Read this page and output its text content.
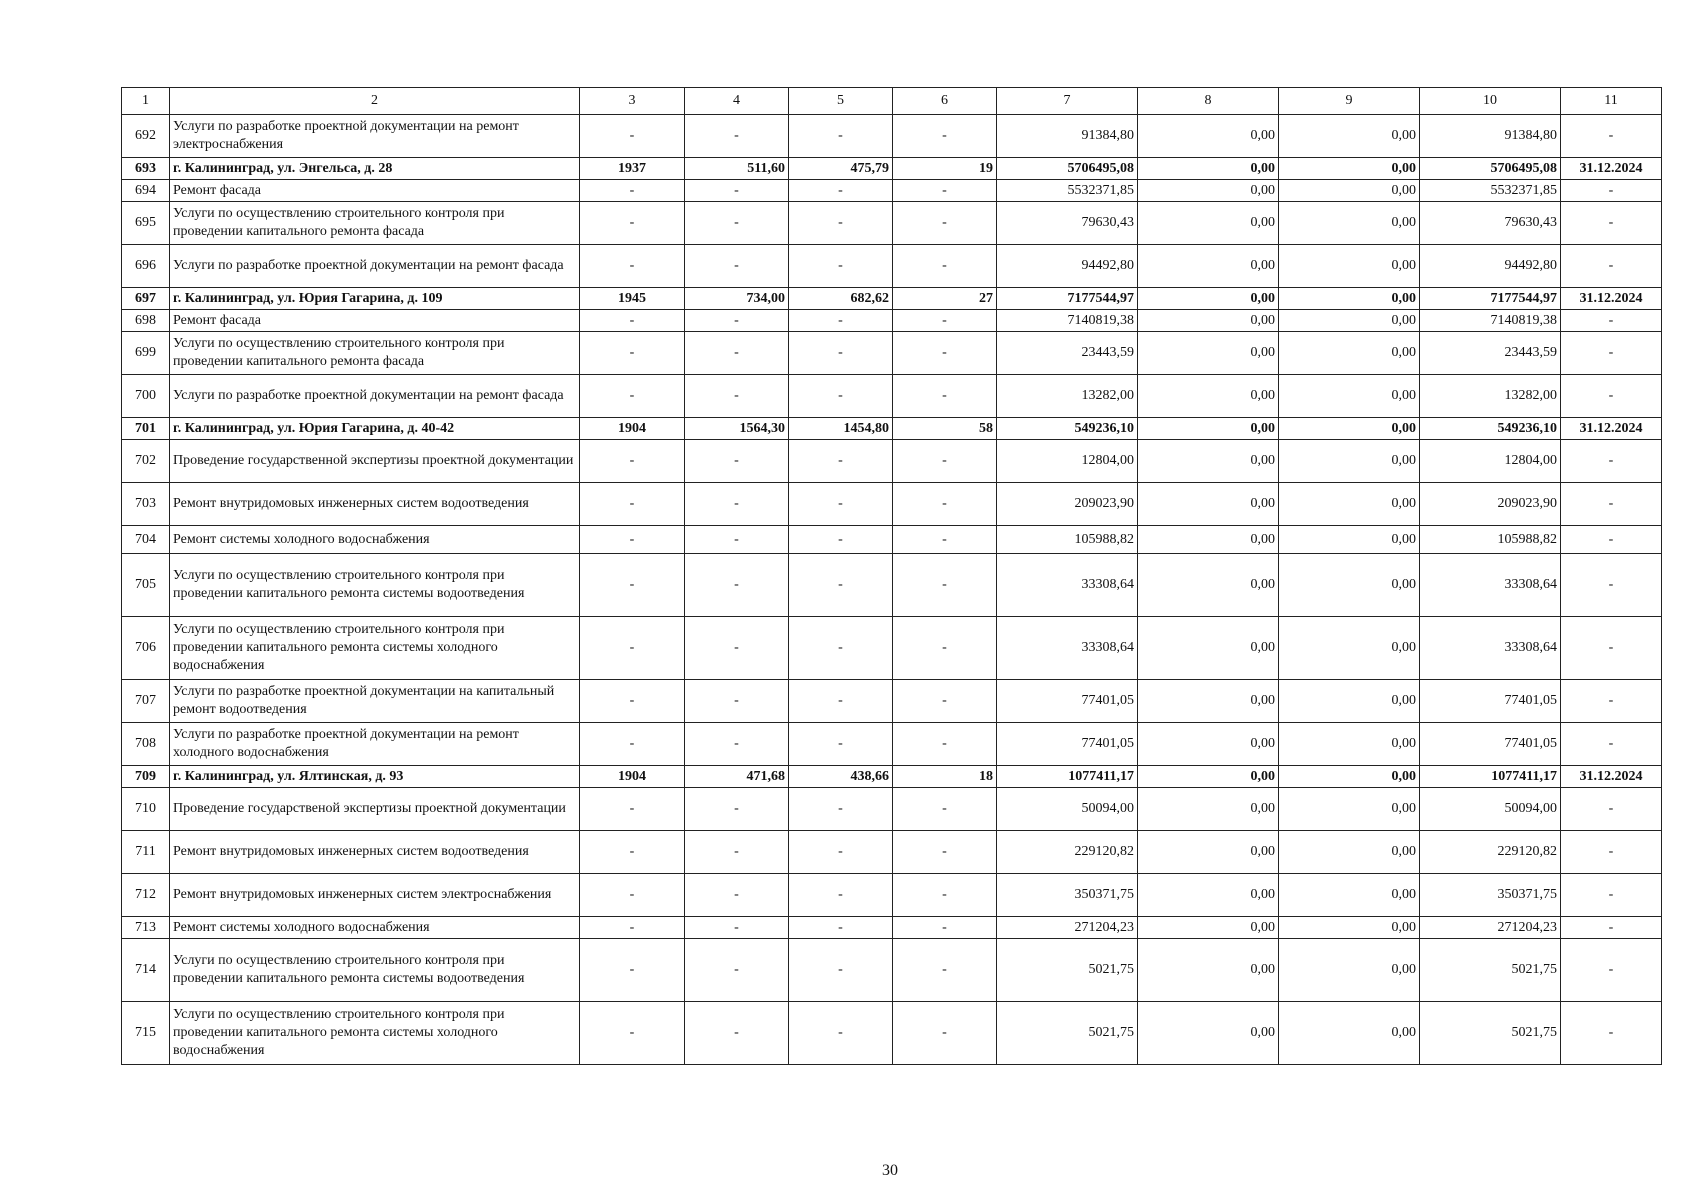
1	2	3	4	5	6	7	8	9	10	11
692	Услуги по разработке проектной документации на ремонт электроснабжения	-	-	-	-	91384,80	0,00	0,00	91384,80	-
693	г. Калининград, ул. Энгельса, д. 28	1937	511,60	475,79	19	5706495,08	0,00	0,00	5706495,08	31.12.2024
694	Ремонт фасада	-	-	-	-	5532371,85	0,00	0,00	5532371,85	-
695	Услуги по осуществлению строительного контроля при проведении капитального ремонта фасада	-	-	-	-	79630,43	0,00	0,00	79630,43	-
696	Услуги по разработке проектной документации на ремонт фасада	-	-	-	-	94492,80	0,00	0,00	94492,80	-
697	г. Калининград, ул. Юрия Гагарина, д. 109	1945	734,00	682,62	27	7177544,97	0,00	0,00	7177544,97	31.12.2024
698	Ремонт фасада	-	-	-	-	7140819,38	0,00	0,00	7140819,38	-
699	Услуги по осуществлению строительного контроля при проведении капитального ремонта фасада	-	-	-	-	23443,59	0,00	0,00	23443,59	-
700	Услуги по разработке проектной документации на ремонт фасада	-	-	-	-	13282,00	0,00	0,00	13282,00	-
701	г. Калининград, ул. Юрия Гагарина, д. 40-42	1904	1564,30	1454,80	58	549236,10	0,00	0,00	549236,10	31.12.2024
702	Проведение государственной экспертизы проектной документации	-	-	-	-	12804,00	0,00	0,00	12804,00	-
703	Ремонт внутридомовых инженерных систем водоотведения	-	-	-	-	209023,90	0,00	0,00	209023,90	-
704	Ремонт системы холодного водоснабжения	-	-	-	-	105988,82	0,00	0,00	105988,82	-
705	Услуги по осуществлению строительного контроля при проведении капитального ремонта системы водоотведения	-	-	-	-	33308,64	0,00	0,00	33308,64	-
706	Услуги по осуществлению строительного контроля при проведении капитального ремонта системы холодного водоснабжения	-	-	-	-	33308,64	0,00	0,00	33308,64	-
707	Услуги по разработке проектной документации на капитальный ремонт водоотведения	-	-	-	-	77401,05	0,00	0,00	77401,05	-
708	Услуги по разработке проектной документации на ремонт холодного водоснабжения	-	-	-	-	77401,05	0,00	0,00	77401,05	-
709	г. Калининград, ул. Ялтинская, д. 93	1904	471,68	438,66	18	1077411,17	0,00	0,00	1077411,17	31.12.2024
710	Проведение государственой экспертизы проектной документации	-	-	-	-	50094,00	0,00	0,00	50094,00	-
711	Ремонт внутридомовых инженерных систем водоотведения	-	-	-	-	229120,82	0,00	0,00	229120,82	-
712	Ремонт внутридомовых инженерных систем электроснабжения	-	-	-	-	350371,75	0,00	0,00	350371,75	-
713	Ремонт системы холодного водоснабжения	-	-	-	-	271204,23	0,00	0,00	271204,23	-
714	Услуги по осуществлению строительного контроля при проведении капитального ремонта системы водоотведения	-	-	-	-	5021,75	0,00	0,00	5021,75	-
715	Услуги по осуществлению строительного контроля при проведении капитального ремонта системы холодного водоснабжения	-	-	-	-	5021,75	0,00	0,00	5021,75	-
30
